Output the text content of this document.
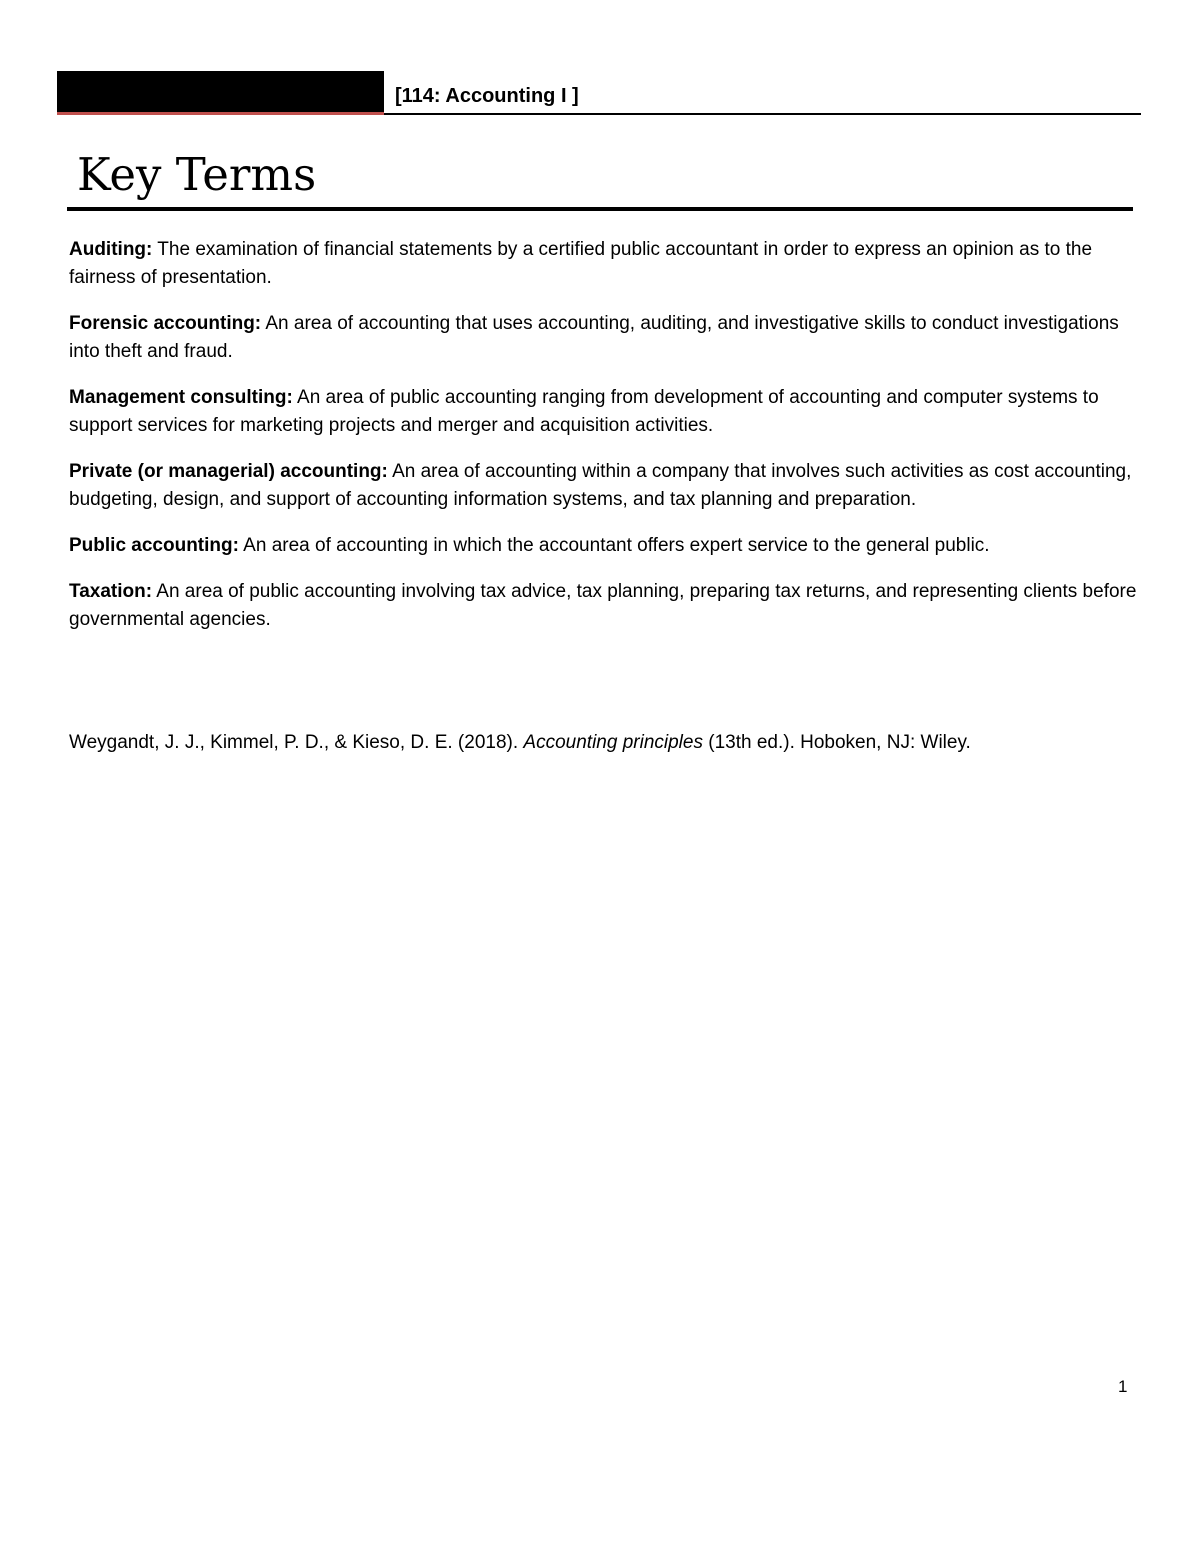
[114: Accounting I ]
Key Terms

Auditing: The examination of financial statements by a certified public accountant in order to express an opinion as to the fairness of presentation.

Forensic accounting: An area of accounting that uses accounting, auditing, and investigative skills to conduct investigations into theft and fraud.

Management consulting: An area of public accounting ranging from development of accounting and computer systems to support services for marketing projects and merger and acquisition activities.

Private (or managerial) accounting: An area of accounting within a company that involves such activities as cost accounting, budgeting, design, and support of accounting information systems, and tax planning and preparation.

Public accounting: An area of accounting in which the accountant offers expert service to the general public.

Taxation: An area of public accounting involving tax advice, tax planning, preparing tax returns, and representing clients before governmental agencies.

Weygandt, J. J., Kimmel, P. D., & Kieso, D. E. (2018). Accounting principles (13th ed.). Hoboken, NJ: Wiley.

1
